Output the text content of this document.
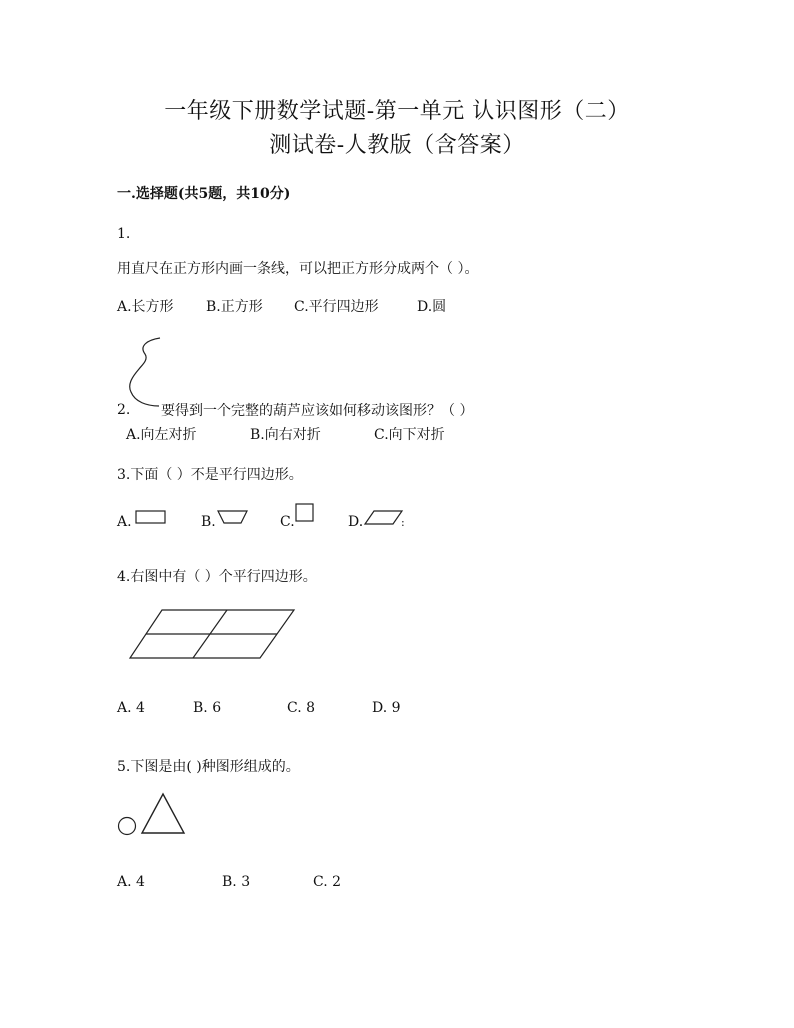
一年级下册数学试题-第一单元 认识图形（二）
测试卷-人教版（含答案）
一.选择题(共5题，共10分)
1.
用直尺在正方形内画一条线，可以把正方形分成两个（ ）。
A.长方形 B.正方形 C.平行四边形	D.圆
2. 要得到一个完整的葫芦应该如何移动该图形？（ ）
A.向左对折	B.向右对折	C.向下对折
3.下面（ ）不是平行四边形。
A.	B.	C.	D.	:
4.右图中有（ ）个平行四边形。
A. 4	B. 6	C. 8	D. 9
5.下图是由( )种图形组成的。
A. 4	B. 3	C. 2
